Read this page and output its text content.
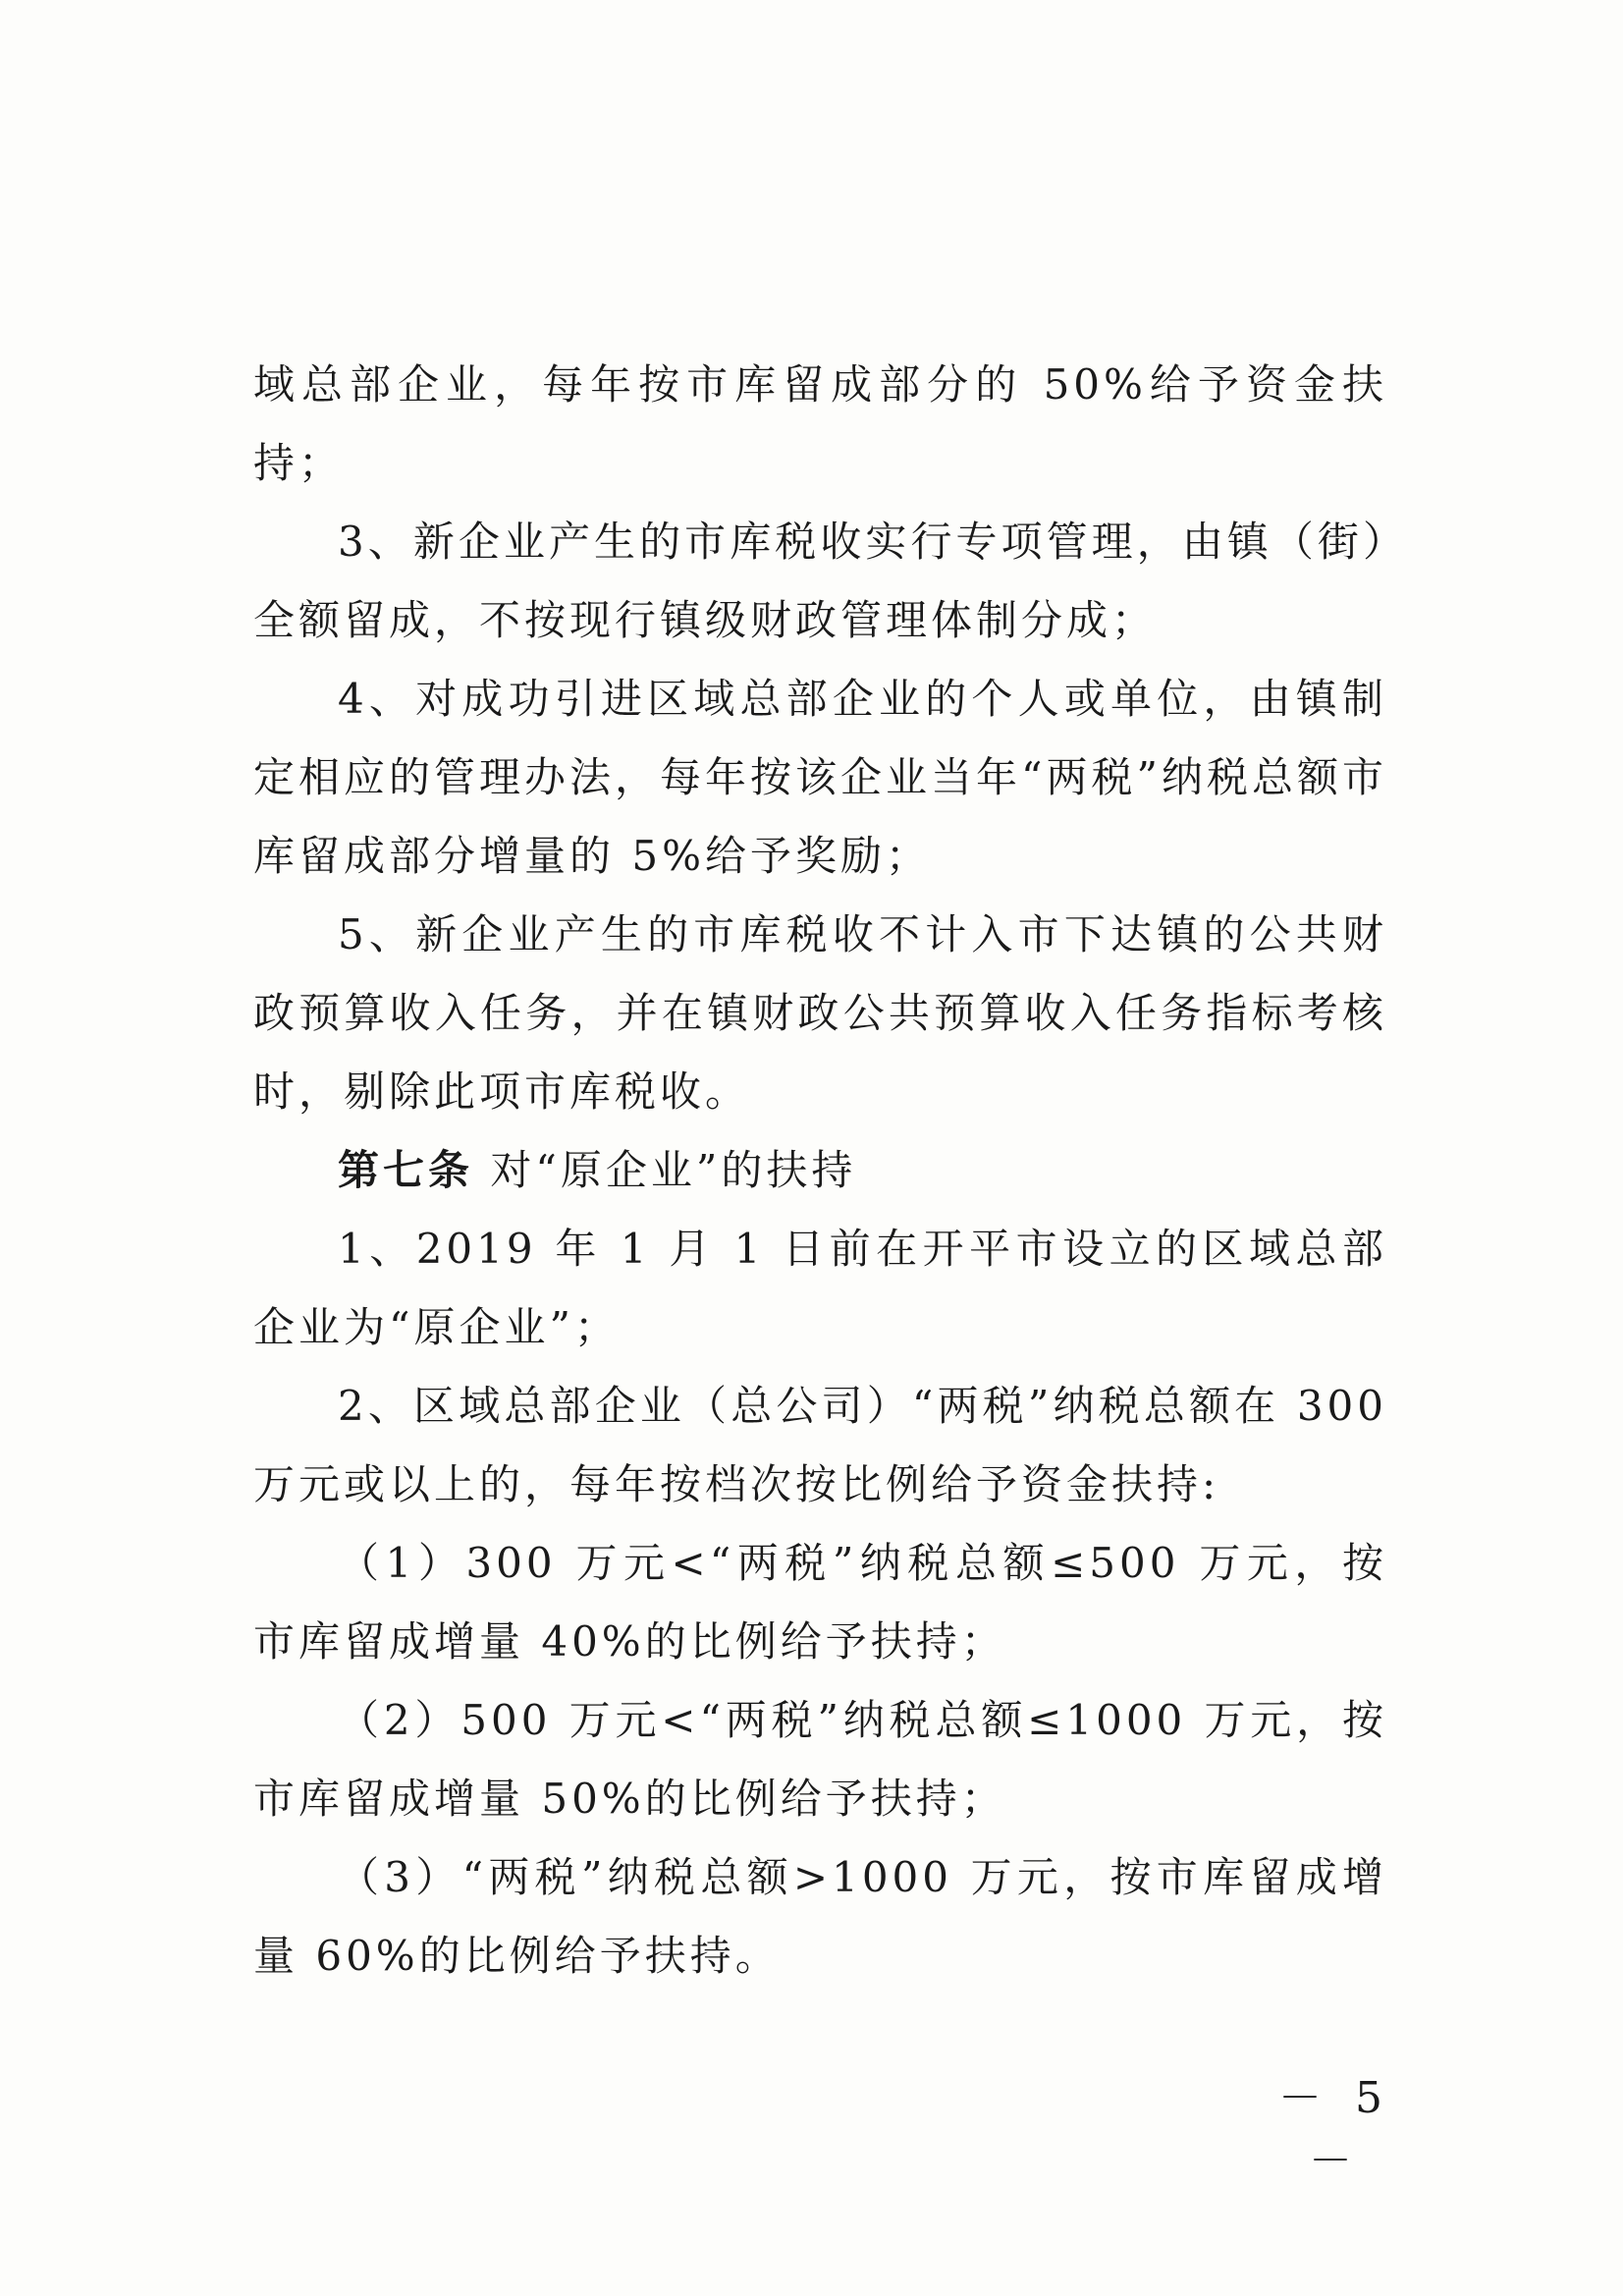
域总部企业，每年按市库留成部分的 50%给予资金扶持；

3、新企业产生的市库税收实行专项管理，由镇（街）全额留成，不按现行镇级财政管理体制分成；

4、对成功引进区域总部企业的个人或单位，由镇制定相应的管理办法，每年按该企业当年“两税”纳税总额市库留成部分增量的 5%给予奖励；

5、新企业产生的市库税收不计入市下达镇的公共财政预算收入任务，并在镇财政公共预算收入任务指标考核时，剔除此项市库税收。

第七条 对“原企业”的扶持

1、2019 年 1 月 1 日前在开平市设立的区域总部企业为“原企业”；

2、区域总部企业（总公司）“两税”纳税总额在 300 万元或以上的，每年按档次按比例给予资金扶持:

（1）300 万元<“两税”纳税总额≤500 万元，按市库留成增量 40%的比例给予扶持；

（2）500 万元<“两税”纳税总额≤1000 万元，按市库留成增量 50%的比例给予扶持；

（3）“两税”纳税总额>1000 万元，按市库留成增量 60%的比例给予扶持。

－ 5 －
